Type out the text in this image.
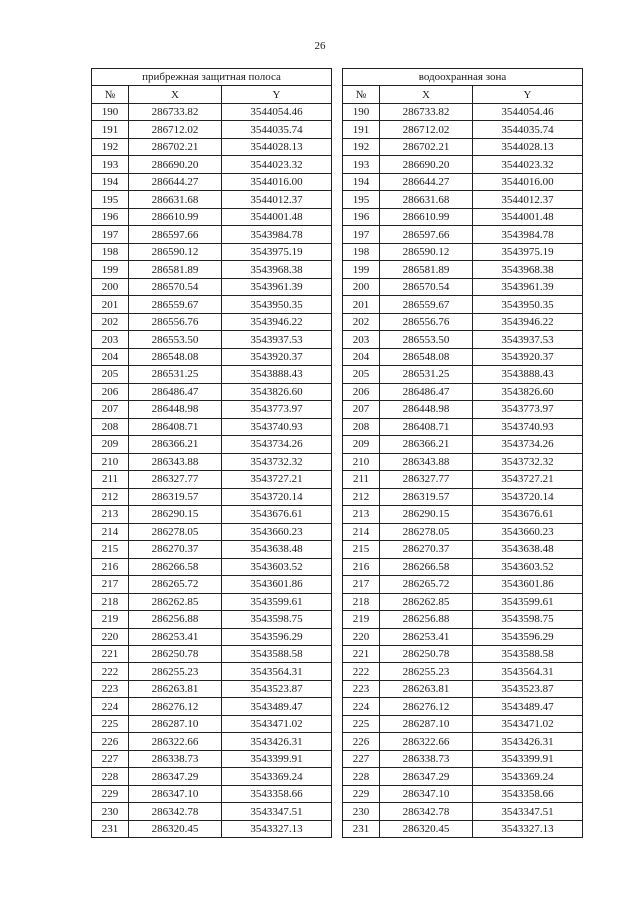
26
прибрежная защитная полоса		
№	X	Y
190	286733.82	3544054.46
191	286712.02	3544035.74
192	286702.21	3544028.13
193	286690.20	3544023.32
194	286644.27	3544016.00
195	286631.68	3544012.37
196	286610.99	3544001.48
197	286597.66	3543984.78
198	286590.12	3543975.19
199	286581.89	3543968.38
200	286570.54	3543961.39
201	286559.67	3543950.35
202	286556.76	3543946.22
203	286553.50	3543937.53
204	286548.08	3543920.37
205	286531.25	3543888.43
206	286486.47	3543826.60
207	286448.98	3543773.97
208	286408.71	3543740.93
209	286366.21	3543734.26
210	286343.88	3543732.32
211	286327.77	3543727.21
212	286319.57	3543720.14
213	286290.15	3543676.61
214	286278.05	3543660.23
215	286270.37	3543638.48
216	286266.58	3543603.52
217	286265.72	3543601.86
218	286262.85	3543599.61
219	286256.88	3543598.75
220	286253.41	3543596.29
221	286250.78	3543588.58
222	286255.23	3543564.31
223	286263.81	3543523.87
224	286276.12	3543489.47
225	286287.10	3543471.02
226	286322.66	3543426.31
227	286338.73	3543399.91
228	286347.29	3543369.24
229	286347.10	3543358.66
230	286342.78	3543347.51
231	286320.45	3543327.13
водоохранная зона		
№	X	Y
190	286733.82	3544054.46
191	286712.02	3544035.74
192	286702.21	3544028.13
193	286690.20	3544023.32
194	286644.27	3544016.00
195	286631.68	3544012.37
196	286610.99	3544001.48
197	286597.66	3543984.78
198	286590.12	3543975.19
199	286581.89	3543968.38
200	286570.54	3543961.39
201	286559.67	3543950.35
202	286556.76	3543946.22
203	286553.50	3543937.53
204	286548.08	3543920.37
205	286531.25	3543888.43
206	286486.47	3543826.60
207	286448.98	3543773.97
208	286408.71	3543740.93
209	286366.21	3543734.26
210	286343.88	3543732.32
211	286327.77	3543727.21
212	286319.57	3543720.14
213	286290.15	3543676.61
214	286278.05	3543660.23
215	286270.37	3543638.48
216	286266.58	3543603.52
217	286265.72	3543601.86
218	286262.85	3543599.61
219	286256.88	3543598.75
220	286253.41	3543596.29
221	286250.78	3543588.58
222	286255.23	3543564.31
223	286263.81	3543523.87
224	286276.12	3543489.47
225	286287.10	3543471.02
226	286322.66	3543426.31
227	286338.73	3543399.91
228	286347.29	3543369.24
229	286347.10	3543358.66
230	286342.78	3543347.51
231	286320.45	3543327.13
